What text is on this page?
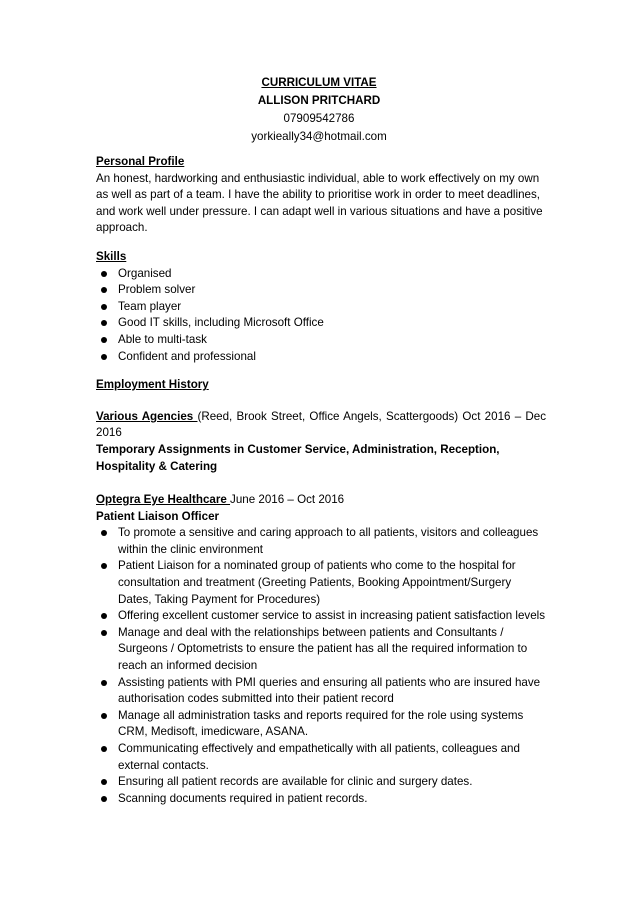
CURRICULUM VITAE
ALLISON PRITCHARD
07909542786
yorkieally34@hotmail.com
Personal Profile

An honest, hardworking and enthusiastic individual, able to work effectively on my own as well as part of a team. I have the ability to prioritise work in order to meet deadlines, and work well under pressure. I can adapt well in various situations and have a positive approach.

Skills
Organised
Problem solver
Team player
Good IT skills, including Microsoft Office
Able to multi-task
Confident and professional
Employment History
Various Agencies (Reed, Brook Street, Office Angels, Scattergoods) Oct 2016 – Dec 2016
Temporary Assignments in Customer Service, Administration, Reception, Hospitality & Catering
Optegra Eye Healthcare June 2016 – Oct 2016
Patient Liaison Officer
To promote a sensitive and caring approach to all patients, visitors and colleagues within the clinic environment
Patient Liaison for a nominated group of patients who come to the hospital for consultation and treatment (Greeting Patients, Booking Appointment/Surgery Dates, Taking Payment for Procedures)
Offering excellent customer service to assist in increasing patient satisfaction levels
Manage and deal with the relationships between patients and Consultants / Surgeons / Optometrists to ensure the patient has all the required information to reach an informed decision
Assisting patients with PMI queries and ensuring all patients who are insured have authorisation codes submitted into their patient record
Manage all administration tasks and reports required for the role using systems CRM, Medisoft, imedicware, ASANA.
Communicating effectively and empathetically with all patients, colleagues and external contacts.
Ensuring all patient records are available for clinic and surgery dates.
Scanning documents required in patient records.
